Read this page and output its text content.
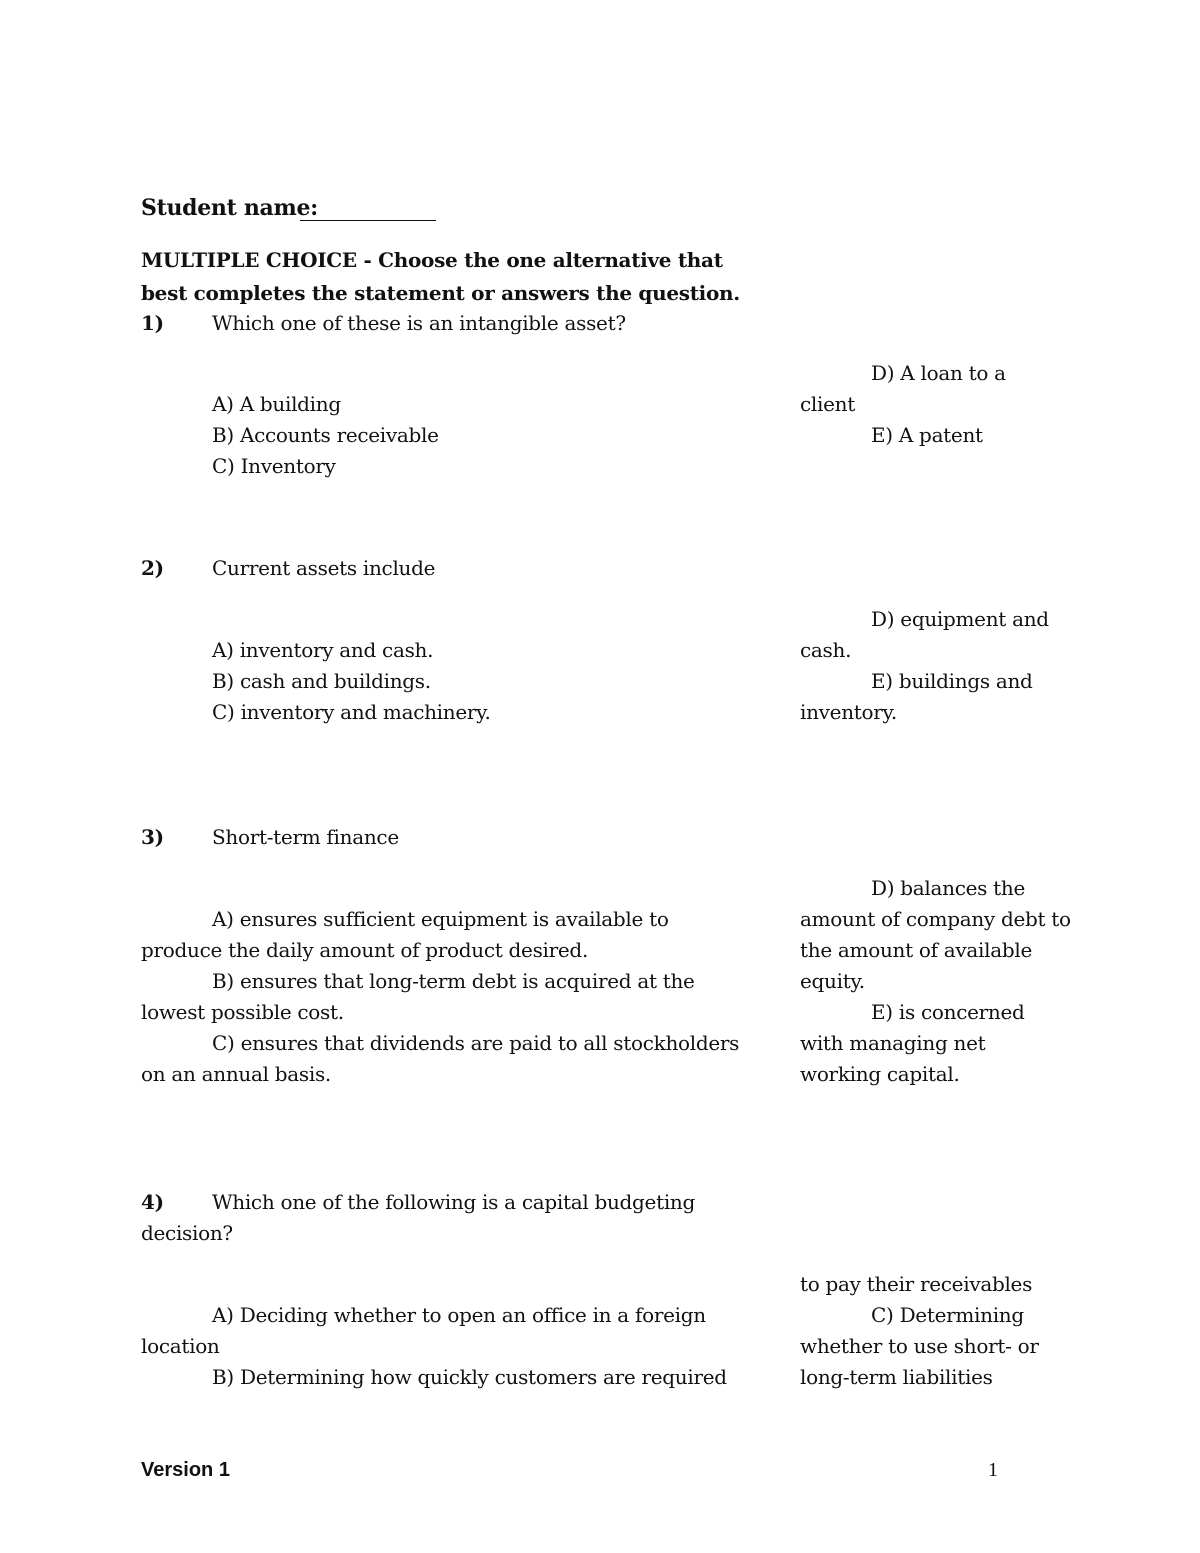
Student name:
MULTIPLE CHOICE - Choose the one alternative that
best completes the statement or answers the question.
1) Which one of these is an intangible asset?
A) A building
B) Accounts receivable
C) Inventory
D) A loan to a
client
E) A patent
2) Current assets include
A) inventory and cash.
B) cash and buildings.
C) inventory and machinery.
D) equipment and
cash.
E) buildings and
inventory.
3) Short-term finance
A) ensures sufficient equipment is available to
produce the daily amount of product desired.
B) ensures that long-term debt is acquired at the
lowest possible cost.
C) ensures that dividends are paid to all stockholders
on an annual basis.
D) balances the
amount of company debt to
the amount of available
equity.
E) is concerned
with managing net
working capital.
4) Which one of the following is a capital budgeting
decision?
A) Deciding whether to open an office in a foreign
location
B) Determining how quickly customers are required
to pay their receivables
C) Determining
whether to use short- or
long-term liabilities
Version 1	1
